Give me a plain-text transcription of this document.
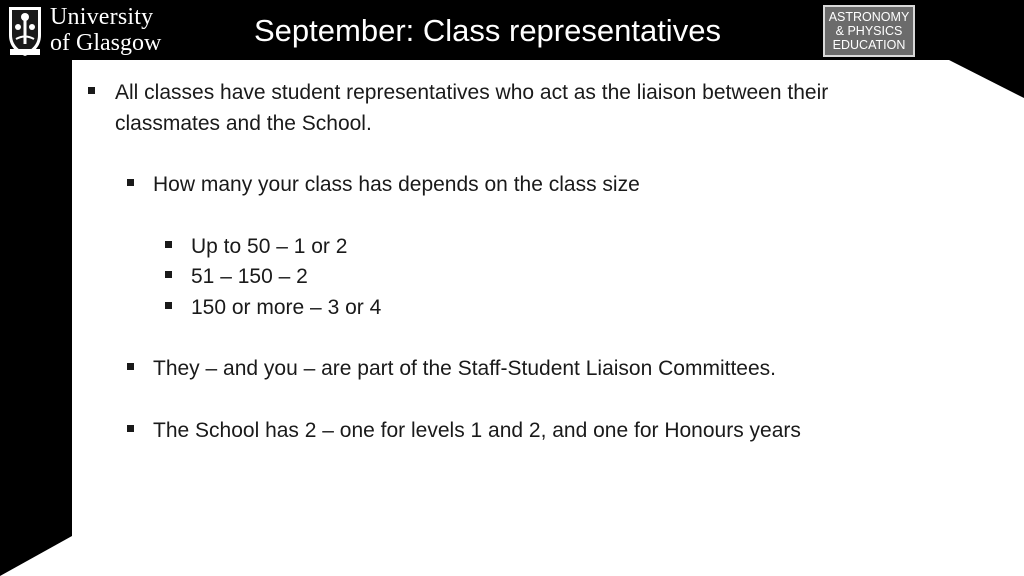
University
of Glasgow	September: Class representatives	ASTRONOMY
& PHYSICS
EDUCATION
All classes have student representatives who act as the liaison between their classmates and the School.
How many your class has depends on the class size
Up to 50 – 1 or 2
51 – 150 – 2
150 or more – 3 or 4
They – and you – are part of the Staff-Student Liaison Committees.
The School has 2 – one for levels 1 and 2, and one for Honours years
